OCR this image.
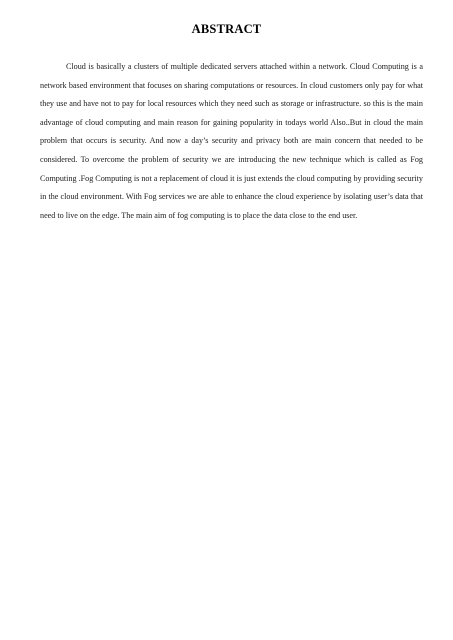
ABSTRACT

Cloud is basically a clusters of multiple dedicated servers attached within a network. Cloud Computing is a network based environment that focuses on sharing computations or resources. In cloud customers only pay for what they use and have not to pay for local resources which they need such as storage or infrastructure. so this is the main advantage of cloud computing and main reason for gaining popularity in todays world Also..But in cloud the main problem that occurs is security. And now a day’s security and privacy both are main concern that needed to be considered. To overcome the problem of security we are introducing the new technique which is called as Fog Computing .Fog Computing is not a replacement of cloud it is just extends the cloud computing by providing security in the cloud environment. With Fog services we are able to enhance the cloud experience by isolating user’s data that need to live on the edge. The main aim of fog computing is to place the data close to the end user.
